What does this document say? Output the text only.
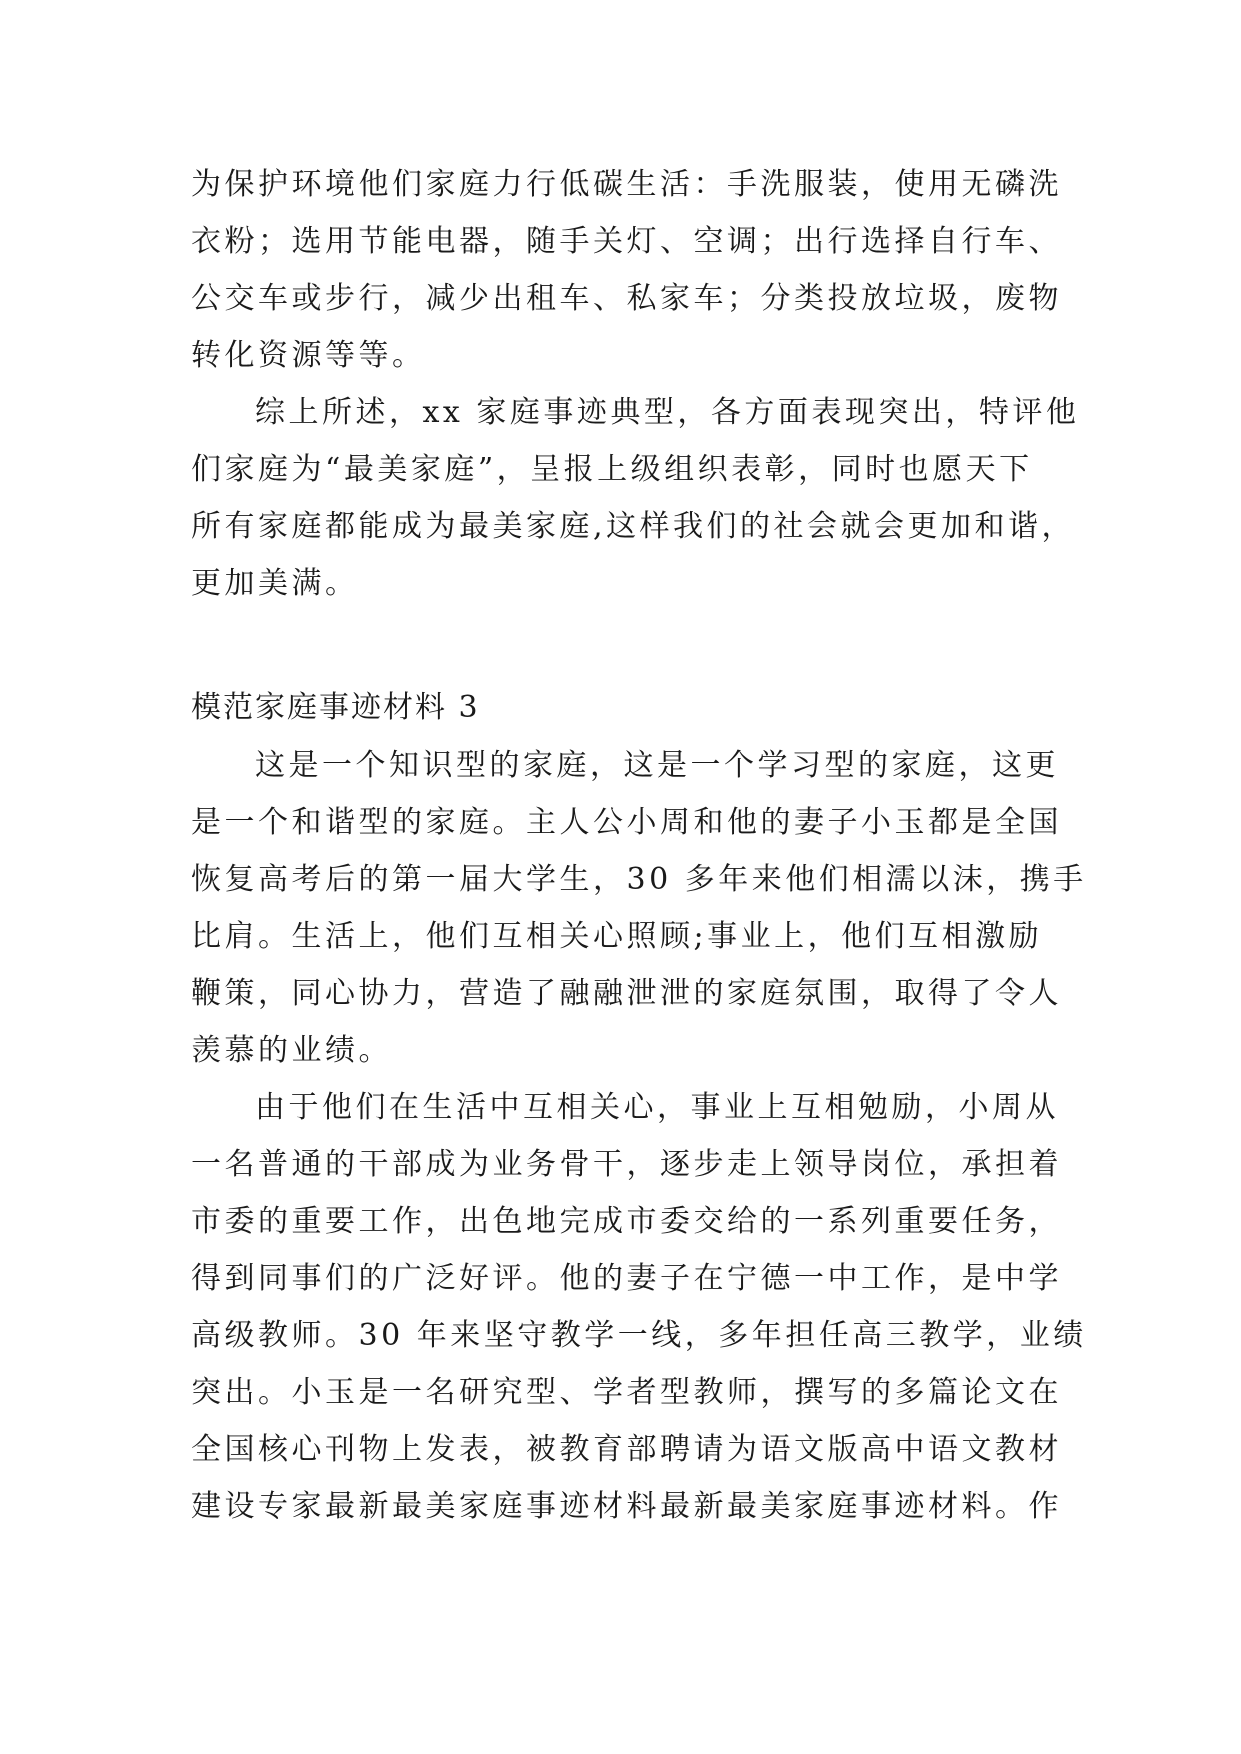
为保护环境他们家庭力行低碳生活：手洗服装，使用无磷洗
衣粉；选用节能电器，随手关灯、空调；出行选择自行车、
公交车或步行，减少出租车、私家车；分类投放垃圾，废物
转化资源等等。
综上所述，xx 家庭事迹典型，各方面表现突出，特评他
们家庭为“最美家庭”，呈报上级组织表彰，同时也愿天下
所有家庭都能成为最美家庭,这样我们的社会就会更加和谐，
更加美满。
模范家庭事迹材料 3
这是一个知识型的家庭，这是一个学习型的家庭，这更
是一个和谐型的家庭。主人公小周和他的妻子小玉都是全国
恢复高考后的第一届大学生，30 多年来他们相濡以沫，携手
比肩。生活上，他们互相关心照顾;事业上，他们互相激励
鞭策，同心协力，营造了融融泄泄的家庭氛围，取得了令人
羡慕的业绩。
由于他们在生活中互相关心，事业上互相勉励，小周从
一名普通的干部成为业务骨干，逐步走上领导岗位，承担着
市委的重要工作，出色地完成市委交给的一系列重要任务，
得到同事们的广泛好评。他的妻子在宁德一中工作，是中学
高级教师。30 年来坚守教学一线，多年担任高三教学，业绩
突出。小玉是一名研究型、学者型教师，撰写的多篇论文在
全国核心刊物上发表，被教育部聘请为语文版高中语文教材
建设专家最新最美家庭事迹材料最新最美家庭事迹材料。作
